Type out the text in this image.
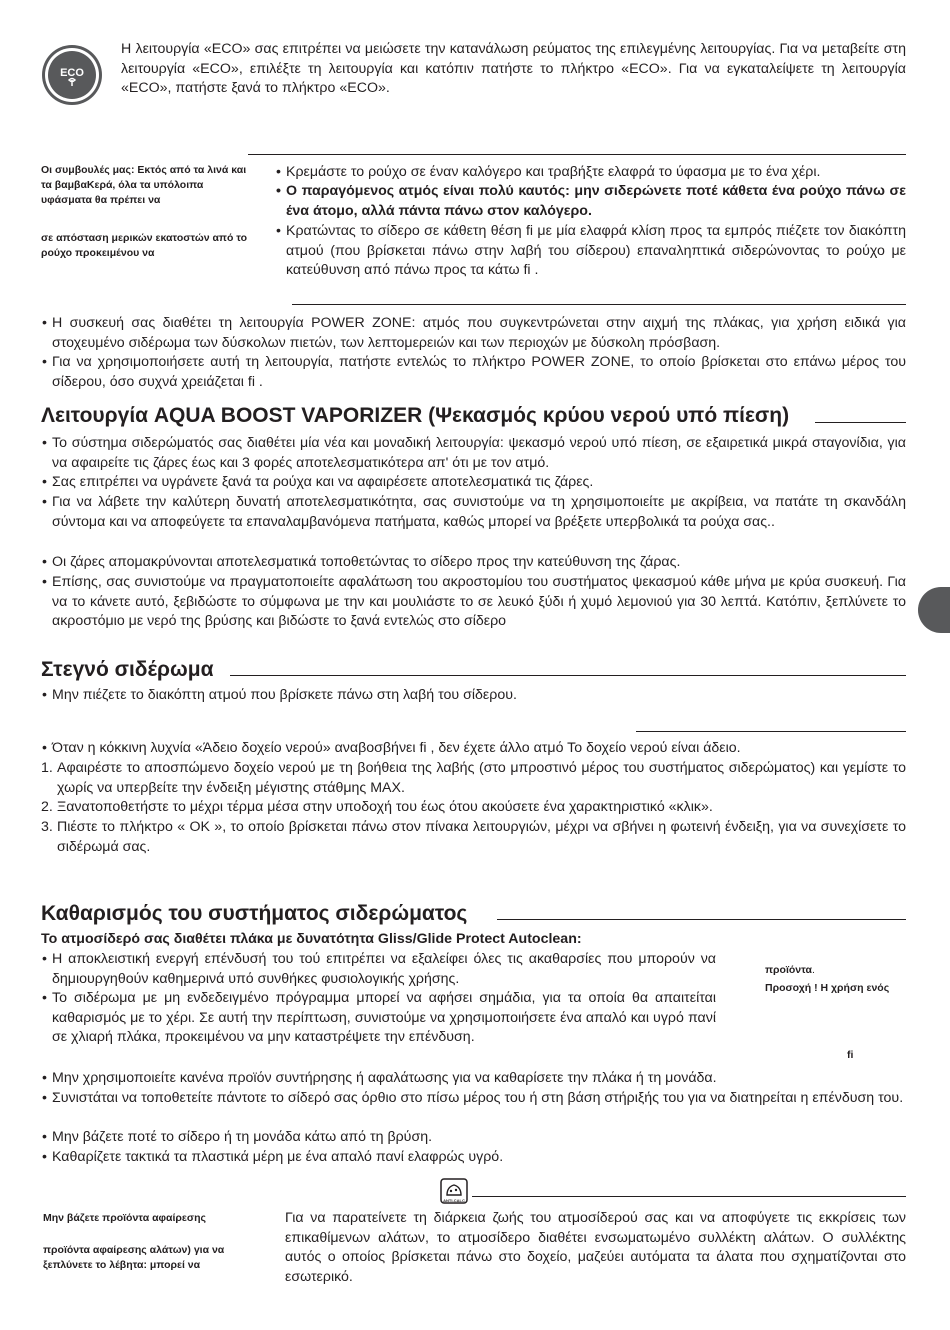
ECO
Η λειτουργία «ECO» σας επιτρέπει να μειώσετε την κατανάλωση ρεύματος της επιλεγμένης λειτουργίας. Για να μεταβείτε στη λειτουργία «ECO», επιλέξτε τη λειτουργία και κατόπιν πατήστε το πλήκτρο «ECO». Για να εγκαταλείψετε τη λειτουργία «ECO», πατήστε ξανά το πλήκτρο «ECO».
Οι συμβουλές μας: Εκτός από τα λινά και τα βαμβαΚερά, όλα τα υπόλοιπα υφάσματα θα πρέπει να
σε απόσταση μερικών εκατοστών από το ρούχο προκειμένου να
• Κρεμάστε το ρούχο σε έναν καλόγερο και τραβήξτε ελαφρά το ύφασμα με το ένα χέρι.
• Ο παραγόμενος ατμός είναι πολύ καυτός: μην σιδερώνετε ποτέ κάθετα ένα ρούχο πάνω σε ένα άτομο, αλλά πάντα πάνω στον καλόγερο.
• Κρατώντας το σίδερο σε κάθετη θέση fi με μία ελαφρά κλίση προς τα εμπρός πιέζετε τον διακόπτη ατμού (που βρίσκεται πάνω στην λαβή του σίδερου) επαναληπτικά σιδερώνοντας το ρούχο με κατεύθυνση από πάνω προς τα κάτω fi .
• Η συσκευή σας διαθέτει τη λειτουργία POWER ZONE: ατμός που συγκεντρώνεται στην αιχμή της πλάκας, για χρήση ειδικά για στοχευμένο σιδέρωμα των δύσκολων πιετών, των λεπτομερειών και των περιοχών με δύσκολη πρόσβαση.
• Για να χρησιμοποιήσετε αυτή τη λειτουργία, πατήστε εντελώς το πλήκτρο POWER ZONE, το οποίο βρίσκεται στο επάνω μέρος του σίδερου, όσο συχνά χρειάζεται fi .
Λειτουργία AQUA BOOST VAPORIZER (Ψεκασμός κρύου νερού υπό πίεση)
• Το σύστημα σιδερώματός σας διαθέτει μία νέα και μοναδική λειτουργία: ψεκασμό νερού υπό πίεση, σε εξαιρετικά μικρά σταγονίδια, για να αφαιρείτε τις ζάρες έως και 3 φορές αποτελεσματικότερα απ' ότι με τον ατμό.
• Σας επιτρέπει να υγράνετε ξανά τα ρούχα και να αφαιρέσετε αποτελεσματικά τις ζάρες.
• Για να λάβετε την καλύτερη δυνατή αποτελεσματικότητα, σας συνιστούμε να τη χρησιμοποιείτε με ακρίβεια, να πατάτε τη σκανδάλη σύντομα και να αποφεύγετε τα επαναλαμβανόμενα πατήματα, καθώς μπορεί να βρέξετε υπερβολικά τα ρούχα σας..
• Οι ζάρες απομακρύνονται αποτελεσματικά τοποθετώντας το σίδερο προς την κατεύθυνση της ζάρας.
• Επίσης, σας συνιστούμε να πραγματοποιείτε αφαλάτωση του ακροστομίου του συστήματος ψεκασμού κάθε μήνα με κρύα συσκευή. Για να το κάνετε αυτό, ξεβιδώστε το σύμφωνα με την και μουλιάστε το σε λευκό ξύδι ή χυμό λεμονιού για 30 λεπτά. Κατόπιν, ξεπλύνετε το ακροστόμιο με νερό της βρύσης και βιδώστε το ξανά εντελώς στο σίδερο
Στεγνό σιδέρωμα
• Μην πιέζετε το διακόπτη ατμού που βρίσκετε πάνω στη λαβή του σίδερου.
• Όταν η κόκκινη λυχνία «Άδειο δοχείο νερού» αναβοσβήνει fi , δεν έχετε άλλο ατμό Το δοχείο νερού είναι άδειο.
1. Αφαιρέστε το αποσπώμενο δοχείο νερού με τη βοήθεια της λαβής (στο μπροστινό μέρος του συστήματος σιδερώματος) και γεμίστε το χωρίς να υπερβείτε την ένδειξη μέγιστης στάθμης MAX.
2. Ξανατοποθετήστε το μέχρι τέρμα μέσα στην υποδοχή του έως ότου ακούσετε ένα χαρακτηριστικό «κλικ».
3. Πιέστε το πλήκτρο « OK », το οποίο βρίσκεται πάνω στον πίνακα λειτουργιών, μέχρι να σβήνει η φωτεινή ένδειξη, για να συνεχίσετε το σιδέρωμά σας.
Καθαρισμός του συστήματος σιδερώματος
Το ατμοσίδερό σας διαθέτει πλάκα με δυνατότητα Gliss/Glide Protect Autoclean:
• Η αποκλειστική ενεργή επένδυσή του τού επιτρέπει να εξαλείφει όλες τις ακαθαρσίες που μπορούν να δημιουργηθούν καθημερινά υπό συνθήκες φυσιολογικής χρήσης.
• Το σιδέρωμα με μη ενδεδειγμένο πρόγραμμα μπορεί να αφήσει σημάδια, για τα οποία θα απαιτείται καθαρισμός με το χέρι. Σε αυτή την περίπτωση, συνιστούμε να χρησιμοποιήσετε ένα απαλό και υγρό πανί σε χλιαρή πλάκα, προκειμένου να μην καταστρέψετε την επένδυση.
προϊόντα.
Προσοχή ! Η χρήση ενός
fi
• Μην χρησιμοποιείτε κανένα προϊόν συντήρησης ή αφαλάτωσης για να καθαρίσετε την πλάκα ή τη μονάδα.
• Συνιστάται να τοποθετείτε πάντοτε το σίδερό σας όρθιο στο πίσω μέρος του ή στη βάση στήριξής του για να διατηρείται η επένδυση του.
• Μην βάζετε ποτέ το σίδερο ή τη μονάδα κάτω από τη βρύση.
• Καθαρίζετε τακτικά τα πλαστικά μέρη με ένα απαλό πανί ελαφρώς υγρό.
ANTI-CALC
Μην βάζετε προϊόντα αφαίρεσης
προϊόντα αφαίρεσης αλάτων) για να ξεπλύνετε το λέβητα: μπορεί να
Για να παρατείνετε τη διάρκεια ζωής του ατμοσίδερού σας και να αποφύγετε τις εκκρίσεις των επικαθίμενων αλάτων, το ατμοσίδερο διαθέτει ενσωματωμένο συλλέκτη αλάτων. Ο συλλέκτης αυτός ο οποίος βρίσκεται πάνω στο δοχείο, μαζεύει αυτόματα τα άλατα που σχηματίζονται στο εσωτερικό.
